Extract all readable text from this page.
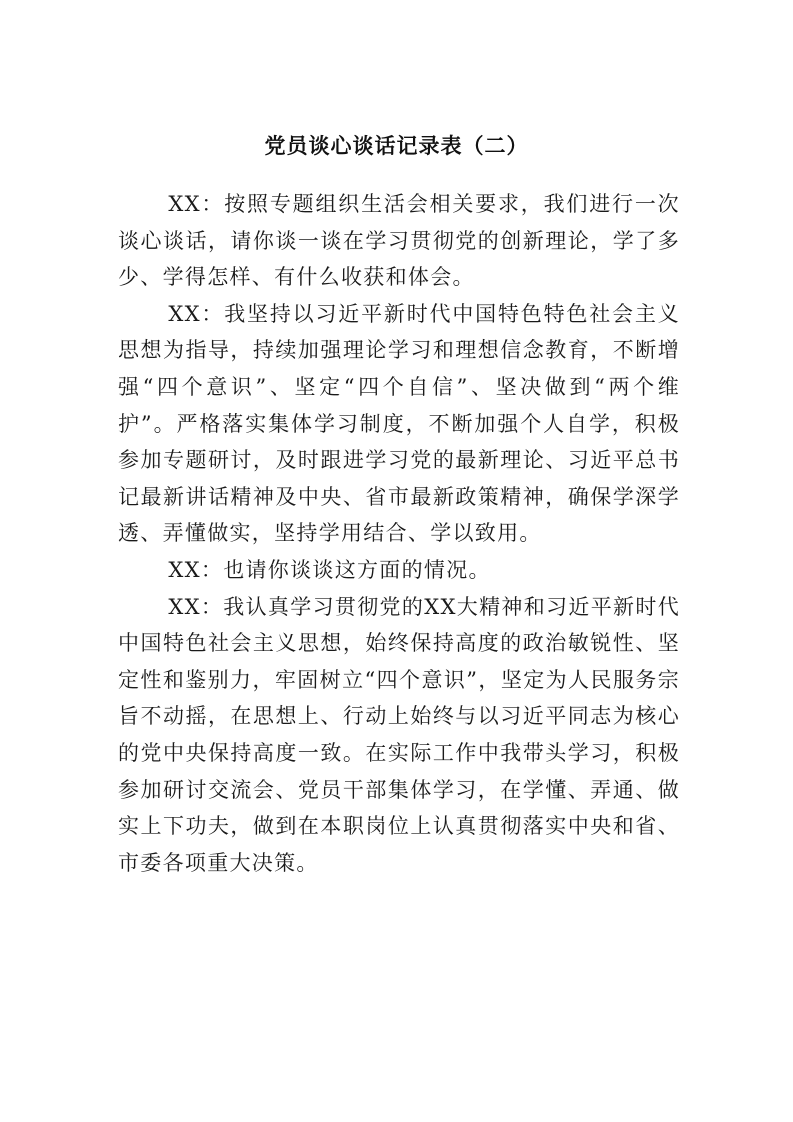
党员谈心谈话记录表（二）

XX：按照专题组织生活会相关要求，我们进行一次谈心谈话，请你谈一谈在学习贯彻党的创新理论，学了多少、学得怎样、有什么收获和体会。

XX：我坚持以习近平新时代中国特色特色社会主义思想为指导，持续加强理论学习和理想信念教育，不断增强“四个意识”、坚定“四个自信”、坚决做到“两个维护”。严格落实集体学习制度，不断加强个人自学，积极参加专题研讨，及时跟进学习党的最新理论、习近平总书记最新讲话精神及中央、省市最新政策精神，确保学深学透、弄懂做实，坚持学用结合、学以致用。

XX：也请你谈谈这方面的情况。

XX：我认真学习贯彻党的XX大精神和习近平新时代中国特色社会主义思想，始终保持高度的政治敏锐性、坚定性和鉴别力，牢固树立“四个意识”，坚定为人民服务宗旨不动摇，在思想上、行动上始终与以习近平同志为核心的党中央保持高度一致。在实际工作中我带头学习，积极参加研讨交流会、党员干部集体学习，在学懂、弄通、做实上下功夫，做到在本职岗位上认真贯彻落实中央和省、市委各项重大决策。
